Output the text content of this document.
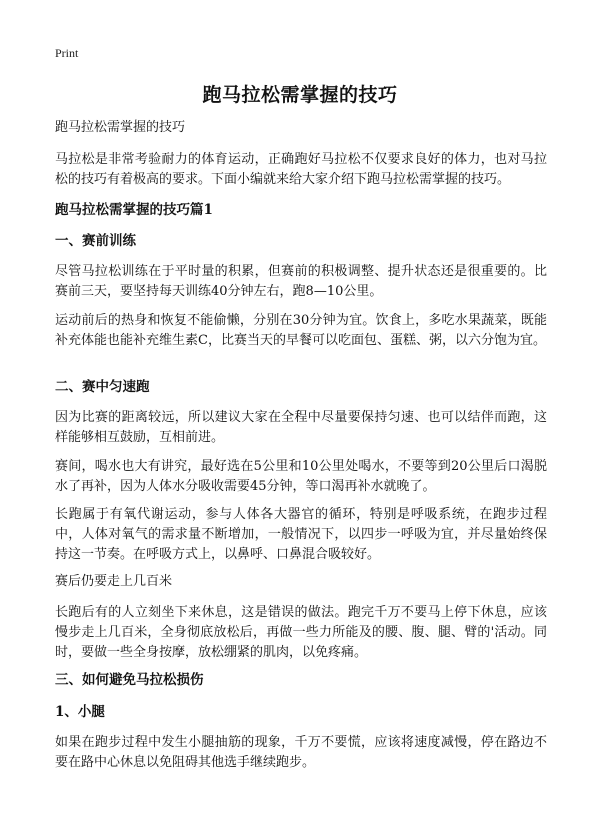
Print
跑马拉松需掌握的技巧
跑马拉松需掌握的技巧
马拉松是非常考验耐力的体育运动，正确跑好马拉松不仅要求良好的体力，也对马拉松的技巧有着极高的要求。下面小编就来给大家介绍下跑马拉松需掌握的技巧。
跑马拉松需掌握的技巧篇1
一、赛前训练
尽管马拉松训练在于平时量的积累，但赛前的积极调整、提升状态还是很重要的。比赛前三天，要坚持每天训练40分钟左右，跑8—10公里。
运动前后的热身和恢复不能偷懒，分别在30分钟为宜。饮食上，多吃水果蔬菜，既能补充体能也能补充维生素C，比赛当天的早餐可以吃面包、蛋糕、粥，以六分饱为宜。
二、赛中匀速跑
因为比赛的距离较远，所以建议大家在全程中尽量要保持匀速、也可以结伴而跑，这样能够相互鼓励，互相前进。
赛间，喝水也大有讲究，最好选在5公里和10公里处喝水，不要等到20公里后口渴脱水了再补，因为人体水分吸收需要45分钟，等口渴再补水就晚了。
长跑属于有氧代谢运动，参与人体各大器官的循环，特别是呼吸系统，在跑步过程中，人体对氧气的需求量不断增加，一般情况下，以四步一呼吸为宜，并尽量始终保持这一节奏。在呼吸方式上，以鼻呼、口鼻混合吸较好。
赛后仍要走上几百米
长跑后有的人立刻坐下来休息，这是错误的做法。跑完千万不要马上停下休息，应该慢步走上几百米，全身彻底放松后，再做一些力所能及的腰、腹、腿、臂的'活动。同时，要做一些全身按摩，放松绷紧的肌肉，以免疼痛。
三、如何避免马拉松损伤
1、小腿
如果在跑步过程中发生小腿抽筋的现象，千万不要慌，应该将速度减慢，停在路边不要在路中心休息以免阻碍其他选手继续跑步。
